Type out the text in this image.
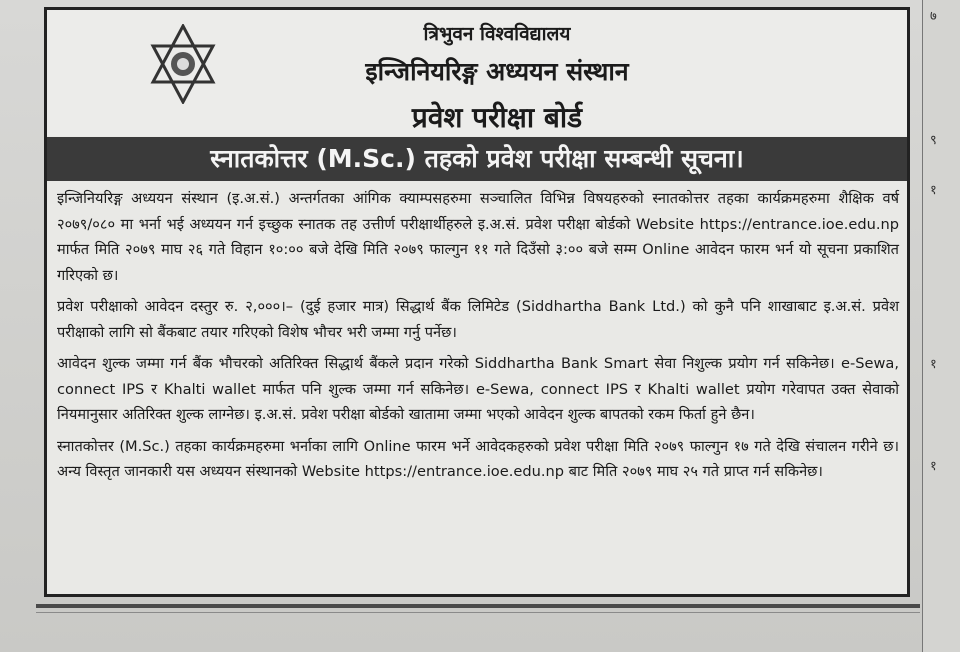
७
९
१
१
१
त्रिभुवन विश्वविद्यालय
इन्जिनियरिङ्ग अध्ययन संस्थान
प्रवेश परीक्षा बोर्ड
स्नातकोत्तर (M.Sc.) तहको प्रवेश परीक्षा सम्बन्धी सूचना।

इन्जिनियरिङ्ग अध्ययन संस्थान (इ.अ.सं.) अन्तर्गतका आंगिक क्याम्पसहरुमा सञ्चालित विभिन्न विषयहरुको स्नातकोत्तर तहका कार्यक्रमहरुमा शैक्षिक वर्ष २०७९/०८० मा भर्ना भई अध्ययन गर्न इच्छुक स्नातक तह उत्तीर्ण परीक्षार्थीहरुले इ.अ.सं. प्रवेश परीक्षा बोर्डको Website https://entrance.ioe.edu.np मार्फत मिति २०७९ माघ २६ गते विहान १०:०० बजे देखि मिति २०७९ फाल्गुन ११ गते दिउँसो ३:०० बजे सम्म Online आवेदन फारम भर्न यो सूचना प्रकाशित गरिएको छ।

प्रवेश परीक्षाको आवेदन दस्तुर रु. २,०००।– (दुई हजार मात्र) सिद्धार्थ बैंक लिमिटेड (Siddhartha Bank Ltd.) को कुनै पनि शाखाबाट इ.अ.सं. प्रवेश परीक्षाको लागि सो बैंकबाट तयार गरिएको विशेष भौचर भरी जम्मा गर्नु पर्नेछ।

आवेदन शुल्क जम्मा गर्न बैंक भौचरको अतिरिक्त सिद्धार्थ बैंकले प्रदान गरेको Siddhartha Bank Smart सेवा निशुल्क प्रयोग गर्न सकिनेछ। e-Sewa, connect IPS र Khalti wallet मार्फत पनि शुल्क जम्मा गर्न सकिनेछ। e-Sewa, connect IPS र Khalti wallet प्रयोग गरेवापत उक्त सेवाको नियमानुसार अतिरिक्त शुल्क लाग्नेछ। इ.अ.सं. प्रवेश परीक्षा बोर्डको खातामा जम्मा भएको आवेदन शुल्क बापतको रकम फिर्ता हुने छैन।

स्नातकोत्तर (M.Sc.) तहका कार्यक्रमहरुमा भर्नाका लागि Online फारम भर्ने आवेदकहरुको प्रवेश परीक्षा मिति २०७९ फाल्गुन १७ गते देखि संचालन गरीने छ। अन्य विस्तृत जानकारी यस अध्ययन संस्थानको Website https://entrance.ioe.edu.np बाट मिति २०७९ माघ २५ गते प्राप्त गर्न सकिनेछ।
